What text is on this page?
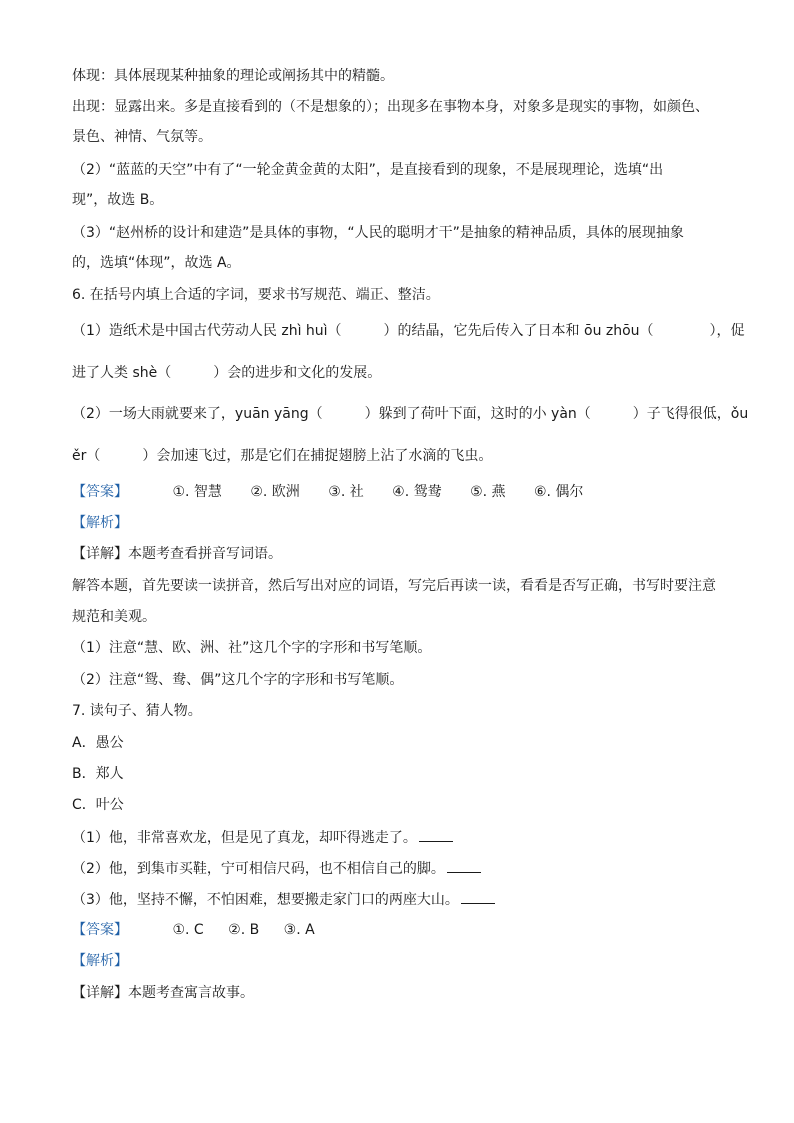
体现：具体展现某种抽象的理论或阐扬其中的精髓。
出现：显露出来。多是直接看到的（不是想象的）；出现多在事物本身，对象多是现实的事物，如颜色、
景色、神情、气氛等。
（2）“蓝蓝的天空”中有了“一轮金黄金黄的太阳”，是直接看到的现象，不是展现理论，选填“出
现”，故选 B。
（3）“赵州桥的设计和建造”是具体的事物，“人民的聪明才干”是抽象的精神品质，具体的展现抽象
的，选填“体现”，故选 A。
6. 在括号内填上合适的字词，要求书写规范、端正、整洁。
（1）造纸术是中国古代劳动人民 zhì huì（　　　）的结晶，它先后传入了日本和 ōu zhōu（　　　　），促
进了人类 shè（　　　）会的进步和文化的发展。
（2）一场大雨就要来了，yuān yāng（　　　）躲到了荷叶下面，这时的小 yàn（　　　）子飞得很低，ǒu
ěr（　　　）会加速飞过，那是它们在捕捉翅膀上沾了水滴的飞虫。
【答案】	①. 智慧 ②. 欧洲 ③. 社 ④. 鸳鸯 ⑤. 燕 ⑥. 偶尔
【解析】
【详解】本题考查看拼音写词语。
解答本题，首先要读一读拼音，然后写出对应的词语，写完后再读一读，看看是否写正确，书写时要注意
规范和美观。
（1）注意“慧、欧、洲、社”这几个字的字形和书写笔顺。
（2）注意“鸳、鸯、偶”这几个字的字形和书写笔顺。
7. 读句子、猜人物。
A．愚公
B．郑人
C．叶公
（1）他，非常喜欢龙，但是见了真龙，却吓得逃走了。
（2）他，到集市买鞋，宁可相信尺码，也不相信自己的脚。
（3）他，坚持不懈，不怕困难，想要搬走家门口的两座大山。
【答案】	①. C ②. B ③. A
【解析】
【详解】本题考查寓言故事。
